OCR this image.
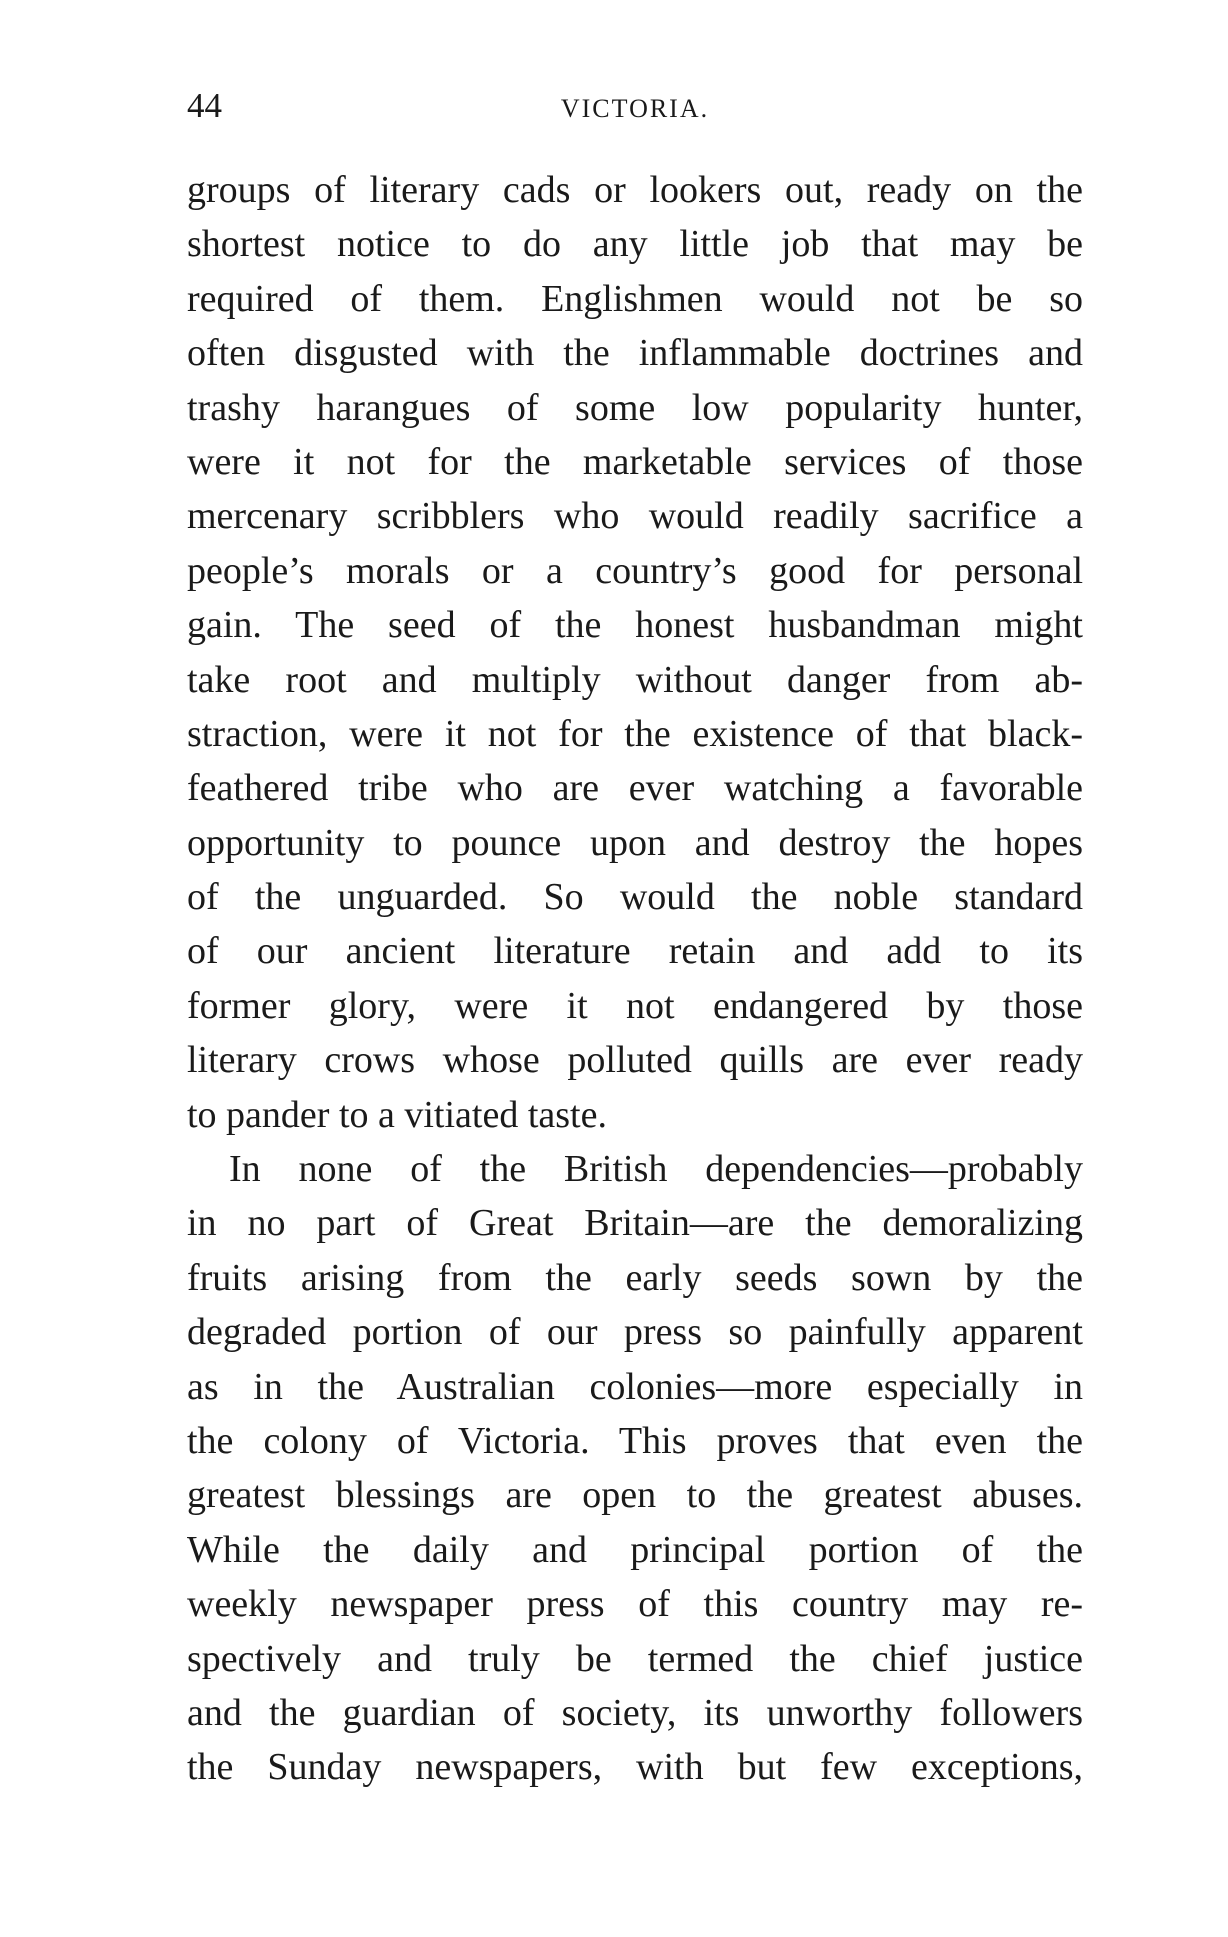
44	VICTORIA.
groups of literary cads or lookers out, ready on the
shortest notice to do any little job that may be
required of them. Englishmen would not be so
often disgusted with the inflammable doctrines and
trashy harangues of some low popularity hunter,
were it not for the marketable services of those
mercenary scribblers who would readily sacrifice a
people’s morals or a country’s good for personal
gain. The seed of the honest husbandman might
take root and multiply without danger from ab-
straction, were it not for the existence of that black-
feathered tribe who are ever watching a favorable
opportunity to pounce upon and destroy the hopes
of the unguarded. So would the noble standard
of our ancient literature retain and add to its
former glory, were it not endangered by those
literary crows whose polluted quills are ever ready
to pander to a vitiated taste.
In none of the British dependencies—probably
in no part of Great Britain—are the demoralizing
fruits arising from the early seeds sown by the
degraded portion of our press so painfully apparent
as in the Australian colonies—more especially in
the colony of Victoria. This proves that even the
greatest blessings are open to the greatest abuses.
While the daily and principal portion of the
weekly newspaper press of this country may re-
spectively and truly be termed the chief justice
and the guardian of society, its unworthy followers
the Sunday newspapers, with but few exceptions,
